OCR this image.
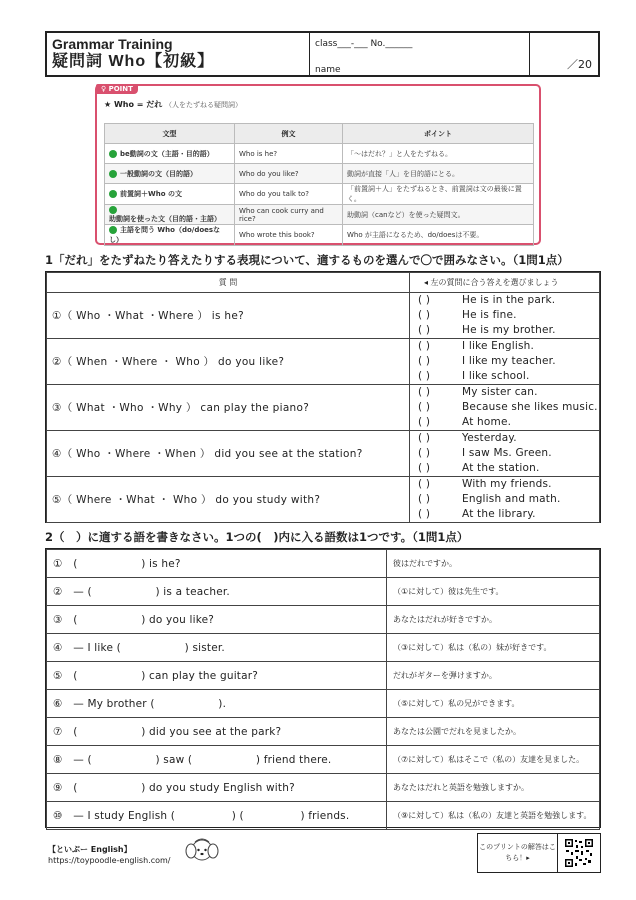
Grammar Training
疑問詞 Who【初級】
class___-___ No.______
name	／20
♀ POINT
★ Who = だれ （人をたずねる疑問詞）
文型	例文	ポイント
be動詞の文（主語・目的語）	Who is he?	「〜はだれ？」と人をたずねる。
一般動詞の文（目的語）	Who do you like?	動詞が直接「人」を目的語にとる。
前置詞＋Who の文	Who do you talk to?	「前置詞＋人」をたずねるとき、前置詞は文の最後に置く。
助動詞を使った文（目的語・主語）	Who can cook curry and rice?	助動詞（canなど）を使った疑問文。
主語を問う Who（do/doesなし）	Who wrote this book?	Who が主語になるため、do/doesは不要。
1「だれ」をたずねたり答えたりする表現について、適するものを選んで〇で囲みなさい。（1問1点）
質 問	◂ 左の質問に合う答えを選びましょう
①（ Who ・What ・Where ） is he?	( ) He is in the park.
( ) He is fine.
( ) He is my brother.

②（ When ・Where ・ Who ） do you like?	( ) I like English.
( ) I like my teacher.
( ) I like school.

③（ What ・Who ・Why ） can play the piano?	( ) My sister can.
( ) Because she likes music.
( ) At home.

④（ Who ・Where ・When ） did you see at the station?	( ) Yesterday.
( ) I saw Ms. Green.
( ) At the station.

⑤（ Where ・What ・ Who ） do you study with?	( ) With my friends.
( ) English and math.
( ) At the library.
2（　）に適する語を書きなさい。1つの(　)内に入る語数は1つです。（1問1点）
①   (                  ) is he?	彼はだれですか。
②   — (                  ) is a teacher.	（①に対して）彼は先生です。
③   (                  ) do you like?	あなたはだれが好きですか。
④   — I like (                  ) sister.	（③に対して）私は（私の）妹が好きです。
⑤   (                  ) can play the guitar?	だれがギターを弾けますか。
⑥   — My brother (                  ).	（⑤に対して）私の兄ができます。
⑦   (                  ) did you see at the park?	あなたは公園でだれを見ましたか。
⑧   — (                  ) saw (                  ) friend there.	（⑦に対して）私はそこで（私の）友達を見ました。
⑨   (                  ) do you study English with?	あなたはだれと英語を勉強しますか。
⑩   — I study English (                ) (                ) friends.	（⑨に対して）私は（私の）友達と英語を勉強します。
【といぷー English】
https://toypoodle-english.com/
このプリントの解答はこちら！▸
